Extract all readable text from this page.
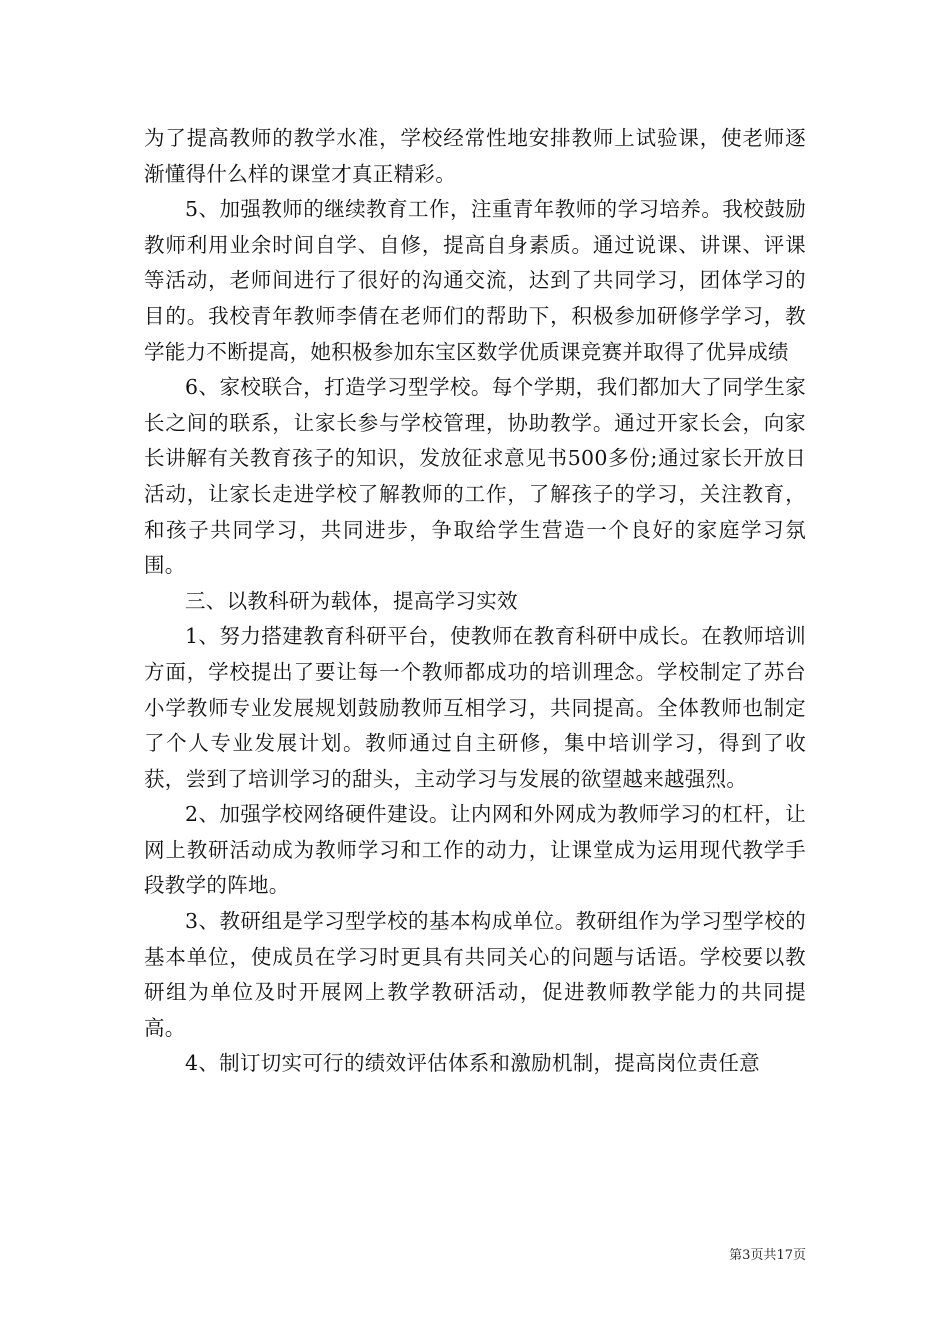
为了提高教师的教学水准，学校经常性地安排教师上试验课，使老师逐渐懂得什么样的课堂才真正精彩。

5、加强教师的继续教育工作，注重青年教师的学习培养。我校鼓励教师利用业余时间自学、自修，提高自身素质。通过说课、讲课、评课等活动，老师间进行了很好的沟通交流，达到了共同学习，团体学习的目的。我校青年教师李倩在老师们的帮助下，积极参加研修学学习，教学能力不断提高，她积极参加东宝区数学优质课竞赛并取得了优异成绩

6、家校联合，打造学习型学校。每个学期，我们都加大了同学生家长之间的联系，让家长参与学校管理，协助教学。通过开家长会，向家长讲解有关教育孩子的知识，发放征求意见书500多份;通过家长开放日活动，让家长走进学校了解教师的工作，了解孩子的学习，关注教育，和孩子共同学习，共同进步，争取给学生营造一个良好的家庭学习氛围。

三、以教科研为载体，提高学习实效

1、努力搭建教育科研平台，使教师在教育科研中成长。在教师培训方面，学校提出了要让每一个教师都成功的培训理念。学校制定了苏台小学教师专业发展规划鼓励教师互相学习，共同提高。全体教师也制定了个人专业发展计划。教师通过自主研修，集中培训学习，得到了收获，尝到了培训学习的甜头，主动学习与发展的欲望越来越强烈。

2、加强学校网络硬件建设。让内网和外网成为教师学习的杠杆，让网上教研活动成为教师学习和工作的动力，让课堂成为运用现代教学手段教学的阵地。

3、教研组是学习型学校的基本构成单位。教研组作为学习型学校的基本单位，使成员在学习时更具有共同关心的问题与话语。学校要以教研组为单位及时开展网上教学教研活动，促进教师教学能力的共同提高。

4、制订切实可行的绩效评估体系和激励机制，提高岗位责任意

第3页共17页
